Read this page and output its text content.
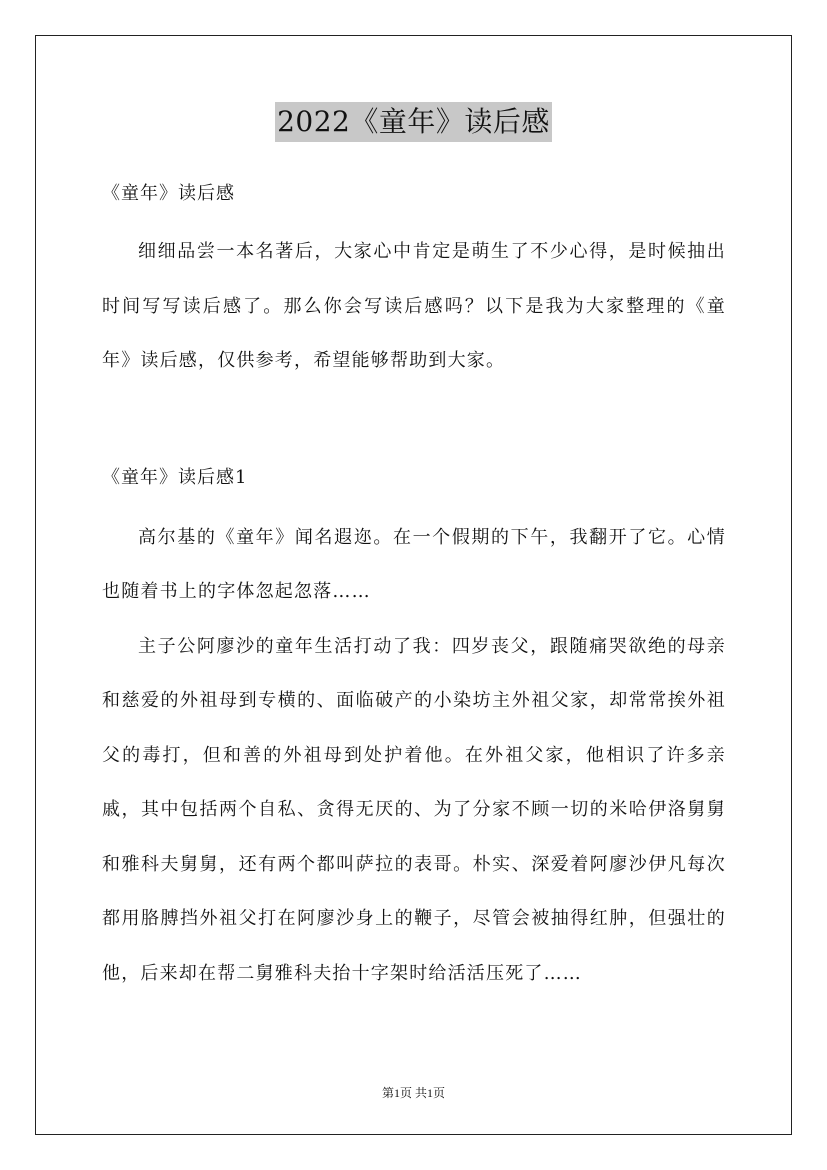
2022《童年》读后感

《童年》读后感

细细品尝一本名著后，大家心中肯定是萌生了不少心得，是时候抽出时间写写读后感了。那么你会写读后感吗？以下是我为大家整理的《童年》读后感，仅供参考，希望能够帮助到大家。

《童年》读后感1

高尔基的《童年》闻名遐迩。在一个假期的下午，我翻开了它。心情也随着书上的字体忽起忽落……

主子公阿廖沙的童年生活打动了我：四岁丧父，跟随痛哭欲绝的母亲和慈爱的外祖母到专横的、面临破产的小染坊主外祖父家，却常常挨外祖父的毒打，但和善的外祖母到处护着他。在外祖父家，他相识了许多亲戚，其中包括两个自私、贪得无厌的、为了分家不顾一切的米哈伊洛舅舅和雅科夫舅舅，还有两个都叫萨拉的表哥。朴实、深爱着阿廖沙伊凡每次都用胳膊挡外祖父打在阿廖沙身上的鞭子，尽管会被抽得红肿，但强壮的他，后来却在帮二舅雅科夫抬十字架时给活活压死了……

第1页 共1页
